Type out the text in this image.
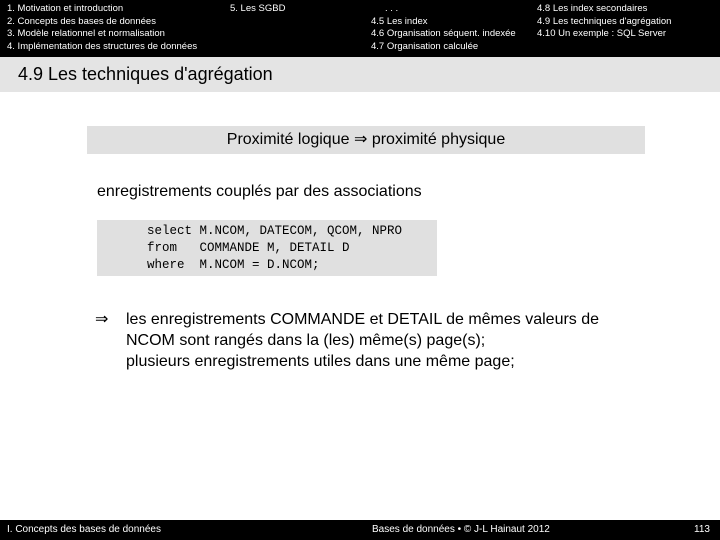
1. Motivation et introduction
2. Concepts des bases de données
3. Modèle relationnel et normalisation
4. Implémentation des structures de données
5. Les SGBD	. . .
4.5 Les index
4.6 Organisation séquent. indexée
4.7 Organisation calculée
4.8 Les index secondaires
4.9 Les techniques d'agrégation
4.10 Un exemple : SQL Server
4.9 Les techniques d'agrégation
Proximité logique ⇒ proximité physique
enregistrements couplés par des associations
select M.NCOM, DATECOM, QCOM, NPRO
from   COMMANDE M, DETAIL D
where  M.NCOM = D.NCOM;
⇒ les enregistrements COMMANDE et DETAIL de mêmes valeurs de
NCOM sont rangés dans la (les) même(s) page(s);
plusieurs enregistrements utiles dans une même page;
I. Concepts des bases de données	Bases de données • © J-L Hainaut 2012	113
